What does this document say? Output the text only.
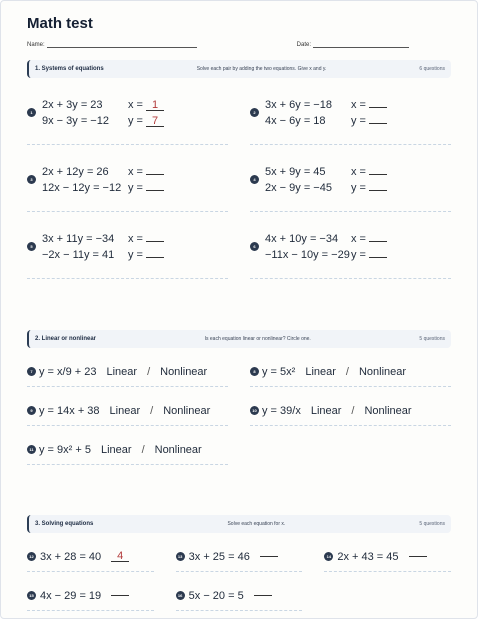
Math test
Name:	Date:
1. Systems of equations	Solve each pair by adding the two equations. Give x and y.	6 questions
1
2x + 3y = 23
9x − 3y = −12
x = 1
y = 7
2
3x + 6y = −18
4x − 6y = 18
x =
y =
3
2x + 12y = 26
12x − 12y = −12
x =
y =
4
5x + 9y = 45
2x − 9y = −45
x =
y =
5
3x + 11y = −34
−2x − 11y = 41
x =
y =
6
4x + 10y = −34
−11x − 10y = −29
x =
y =
2. Linear or nonlinear	Is each equation linear or nonlinear? Circle one.	5 questions
7 y = x/9 + 23 Linear / Nonlinear	8 y = 5x² Linear / Nonlinear
9 y = 14x + 38 Linear / Nonlinear	10 y = 39/x Linear / Nonlinear
11 y = 9x² + 5 Linear / Nonlinear
3. Solving equations	Solve each equation for x.	5 questions
12 3x + 28 = 40	4	13 3x + 25 = 46	14 2x + 43 = 45
15 4x − 29 = 19	16 5x − 20 = 5
